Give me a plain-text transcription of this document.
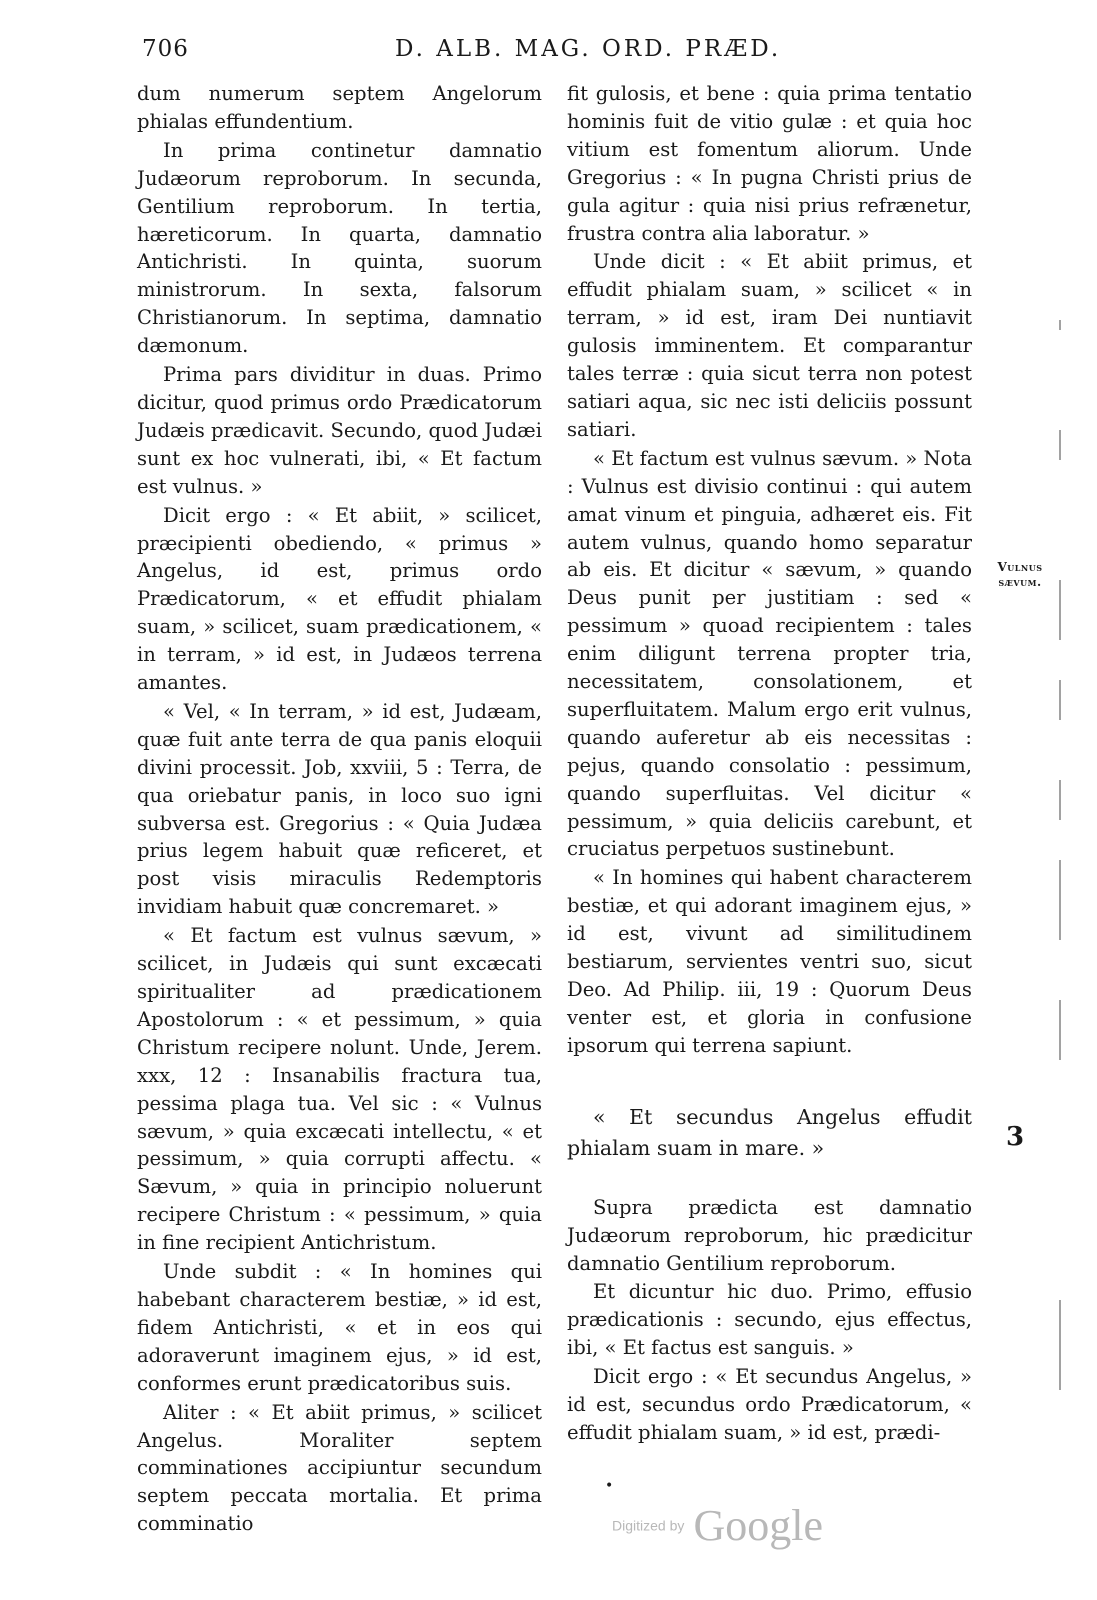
706	D. ALB. MAG. ORD. PRÆD.

dum numerum septem Angelorum phialas effundentium.

In prima continetur damnatio Judæorum reproborum. In secunda, Gentilium reproborum. In tertia, hæreticorum. In quarta, damnatio Antichristi. In quinta, suorum ministrorum. In sexta, falsorum Christianorum. In septima, damnatio dæmonum.

Prima pars dividitur in duas. Primo dicitur, quod primus ordo Prædicatorum Judæis prædicavit. Secundo, quod Judæi sunt ex hoc vulnerati, ibi, « Et factum est vulnus. »

Dicit ergo : « Et abiit, » scilicet, præcipienti obediendo, « primus » Angelus, id est, primus ordo Prædicatorum, « et effudit phialam suam, » scilicet, suam prædicationem, « in terram, » id est, in Judæos terrena amantes.

« Vel, « In terram, » id est, Judæam, quæ fuit ante terra de qua panis eloquii divini processit. Job, xxviii, 5 : Terra, de qua oriebatur panis, in loco suo igni subversa est. Gregorius : « Quia Judæa prius legem habuit quæ reficeret, et post visis miraculis Redemptoris invidiam habuit quæ concremaret. »

« Et factum est vulnus sævum, » scilicet, in Judæis qui sunt excæcati spiritualiter ad prædicationem Apostolorum : « et pessimum, » quia Christum recipere nolunt. Unde, Jerem. xxx, 12 : Insanabilis fractura tua, pessima plaga tua. Vel sic : « Vulnus sævum, » quia excæcati intellectu, « et pessimum, » quia corrupti affectu. « Sævum, » quia in principio noluerunt recipere Christum : « pessimum, » quia in fine recipient Antichristum.

Unde subdit : « In homines qui habebant characterem bestiæ, » id est, fidem Antichristi, « et in eos qui adoraverunt imaginem ejus, » id est, conformes erunt prædicatoribus suis.

Aliter : « Et abiit primus, » scilicet Angelus. Moraliter septem comminationes accipiuntur secundum septem peccata mortalia. Et prima comminatio

fit gulosis, et bene : quia prima tentatio hominis fuit de vitio gulæ : et quia hoc vitium est fomentum aliorum. Unde Gregorius : « In pugna Christi prius de gula agitur : quia nisi prius refrænetur, frustra contra alia laboratur. »

Unde dicit : « Et abiit primus, et effudit phialam suam, » scilicet « in terram, » id est, iram Dei nuntiavit gulosis imminentem. Et comparantur tales terræ : quia sicut terra non potest satiari aqua, sic nec isti deliciis possunt satiari.

« Et factum est vulnus sævum. » Nota : Vulnus est divisio continui : qui autem amat vinum et pinguia, adhæret eis. Fit autem vulnus, quando homo separatur ab eis. Et dicitur « sævum, » quando Deus punit per justitiam : sed « pessimum » quoad recipientem : tales enim diligunt terrena propter tria, necessitatem, consolationem, et superfluitatem. Malum ergo erit vulnus, quando auferetur ab eis necessitas : pejus, quando consolatio : pessimum, quando superfluitas. Vel dicitur « pessimum, » quia deliciis carebunt, et cruciatus perpetuos sustinebunt.

« In homines qui habent characterem bestiæ, et qui adorant imaginem ejus, » id est, vivunt ad similitudinem bestiarum, servientes ventri suo, sicut Deo. Ad Philip. iii, 19 : Quorum Deus venter est, et gloria in confusione ipsorum qui terrena sapiunt.

« Et secundus Angelus effudit phialam suam in mare. »

Supra prædicta est damnatio Judæorum reproborum, hic prædicitur damnatio Gentilium reproborum.

Et dicuntur hic duo. Primo, effusio prædicationis : secundo, ejus effectus, ibi, « Et factus est sanguis. »

Dicit ergo : « Et secundus Angelus, » id est, secundus ordo Prædicatorum, « effudit phialam suam, » id est, prædi-

Vulnus sævum.
3
•
Digitized by Google
